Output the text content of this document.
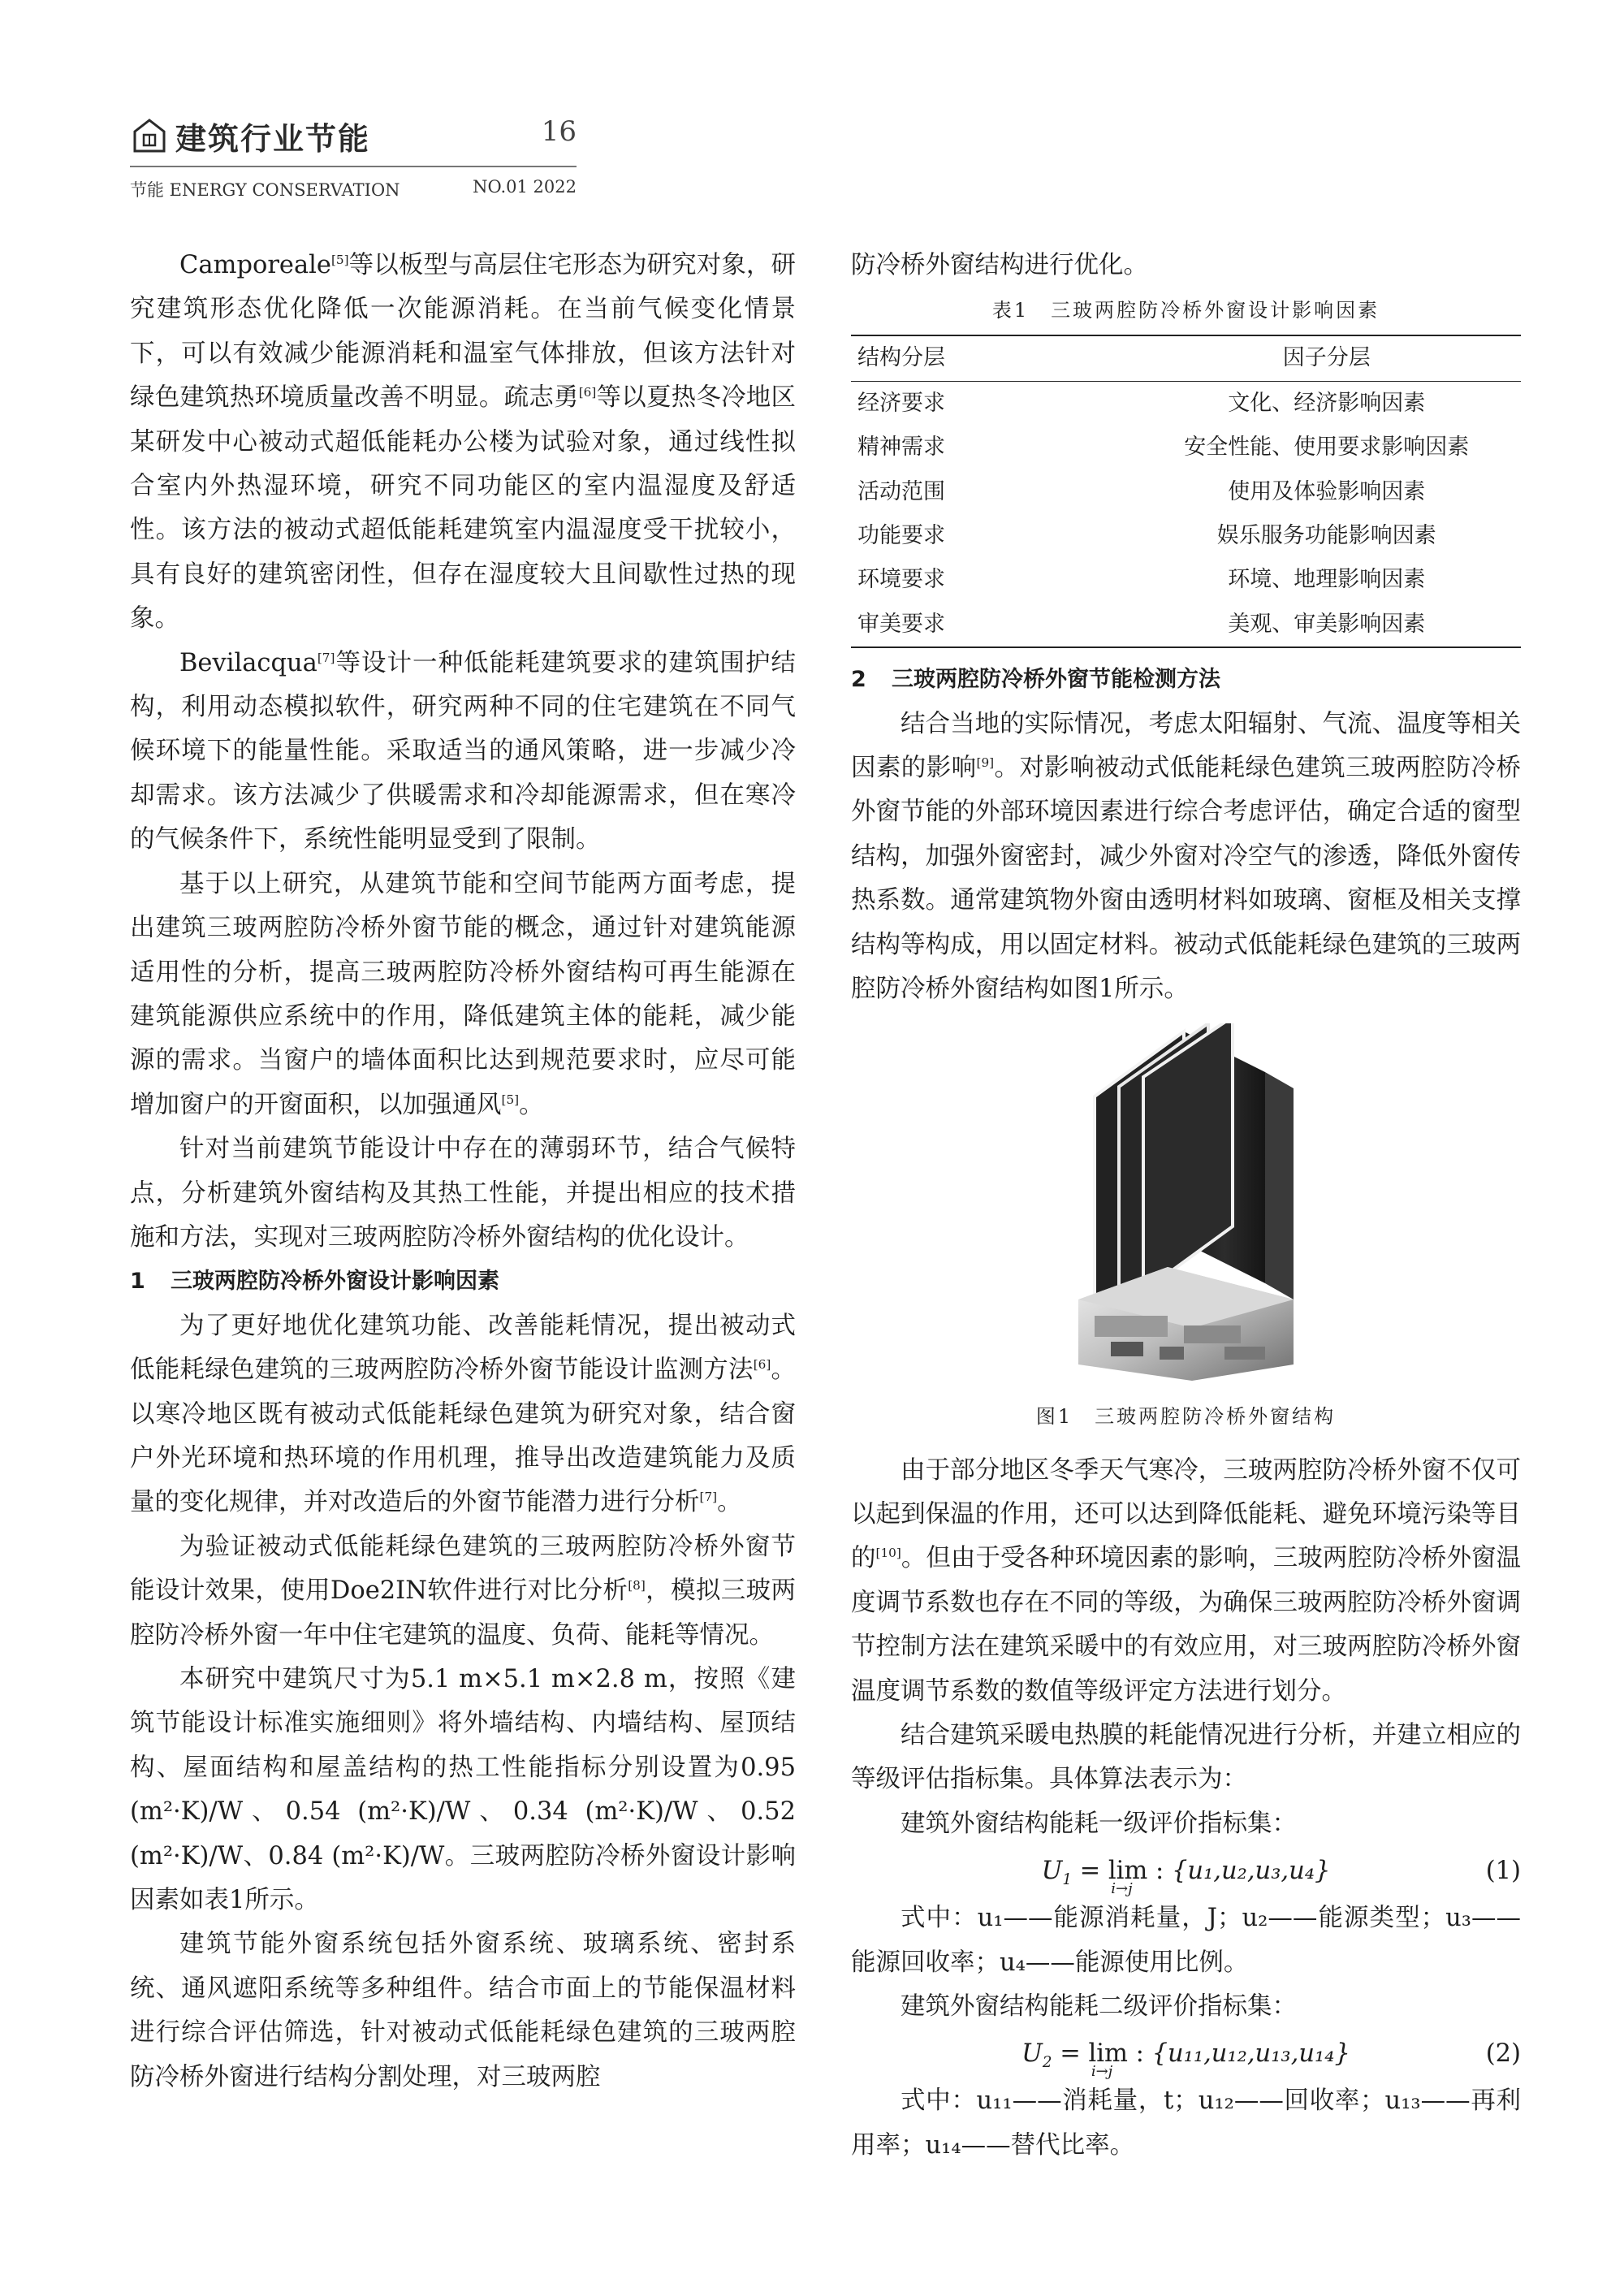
建筑行业节能	16
节能 ENERGY CONSERVATION	NO.01 2022

Camporeale[5]等以板型与高层住宅形态为研究对象，研究建筑形态优化降低一次能源消耗。在当前气候变化情景下，可以有效减少能源消耗和温室气体排放，但该方法针对绿色建筑热环境质量改善不明显。疏志勇[6]等以夏热冬冷地区某研发中心被动式超低能耗办公楼为试验对象，通过线性拟合室内外热湿环境，研究不同功能区的室内温湿度及舒适性。该方法的被动式超低能耗建筑室内温湿度受干扰较小，具有良好的建筑密闭性，但存在湿度较大且间歇性过热的现象。

Bevilacqua[7]等设计一种低能耗建筑要求的建筑围护结构，利用动态模拟软件，研究两种不同的住宅建筑在不同气候环境下的能量性能。采取适当的通风策略，进一步减少冷却需求。该方法减少了供暖需求和冷却能源需求，但在寒冷的气候条件下，系统性能明显受到了限制。

基于以上研究，从建筑节能和空间节能两方面考虑，提出建筑三玻两腔防冷桥外窗节能的概念，通过针对建筑能源适用性的分析，提高三玻两腔防冷桥外窗结构可再生能源在建筑能源供应系统中的作用，降低建筑主体的能耗，减少能源的需求。当窗户的墙体面积比达到规范要求时，应尽可能增加窗户的开窗面积，以加强通风[5]。

针对当前建筑节能设计中存在的薄弱环节，结合气候特点，分析建筑外窗结构及其热工性能，并提出相应的技术措施和方法，实现对三玻两腔防冷桥外窗结构的优化设计。

1 三玻两腔防冷桥外窗设计影响因素

为了更好地优化建筑功能、改善能耗情况，提出被动式低能耗绿色建筑的三玻两腔防冷桥外窗节能设计监测方法[6]。以寒冷地区既有被动式低能耗绿色建筑为研究对象，结合窗户外光环境和热环境的作用机理，推导出改造建筑能力及质量的变化规律，并对改造后的外窗节能潜力进行分析[7]。

为验证被动式低能耗绿色建筑的三玻两腔防冷桥外窗节能设计效果，使用Doe2IN软件进行对比分析[8]，模拟三玻两腔防冷桥外窗一年中住宅建筑的温度、负荷、能耗等情况。

本研究中建筑尺寸为5.1 m×5.1 m×2.8 m，按照《建筑节能设计标准实施细则》将外墙结构、内墙结构、屋顶结构、屋面结构和屋盖结构的热工性能指标分别设置为0.95 (m²·K)/W、0.54 (m²·K)/W、0.34 (m²·K)/W、0.52 (m²·K)/W、0.84 (m²·K)/W。三玻两腔防冷桥外窗设计影响因素如表1所示。

建筑节能外窗系统包括外窗系统、玻璃系统、密封系统、通风遮阳系统等多种组件。结合市面上的节能保温材料进行综合评估筛选，针对被动式低能耗绿色建筑的三玻两腔防冷桥外窗进行结构分割处理，对三玻两腔

防冷桥外窗结构进行优化。

表1　三玻两腔防冷桥外窗设计影响因素
结构分层	因子分层
经济要求	文化、经济影响因素
精神需求	安全性能、使用要求影响因素
活动范围	使用及体验影响因素
功能要求	娱乐服务功能影响因素
环境要求	环境、地理影响因素
审美要求	美观、审美影响因素
2 三玻两腔防冷桥外窗节能检测方法

结合当地的实际情况，考虑太阳辐射、气流、温度等相关因素的影响[9]。对影响被动式低能耗绿色建筑三玻两腔防冷桥外窗节能的外部环境因素进行综合考虑评估，确定合适的窗型结构，加强外窗密封，减少外窗对冷空气的渗透，降低外窗传热系数。通常建筑物外窗由透明材料如玻璃、窗框及相关支撑结构等构成，用以固定材料。被动式低能耗绿色建筑的三玻两腔防冷桥外窗结构如图1所示。

图1　三玻两腔防冷桥外窗结构

由于部分地区冬季天气寒冷，三玻两腔防冷桥外窗不仅可以起到保温的作用，还可以达到降低能耗、避免环境污染等目的[10]。但由于受各种环境因素的影响，三玻两腔防冷桥外窗温度调节系数也存在不同的等级，为确保三玻两腔防冷桥外窗调节控制方法在建筑采暖中的有效应用，对三玻两腔防冷桥外窗温度调节系数的数值等级评定方法进行划分。

结合建筑采暖电热膜的耗能情况进行分析，并建立相应的等级评估指标集。具体算法表示为：

建筑外窗结构能耗一级评价指标集：

$U_1 = \lim$ :
i→j
{u₁,u₂,u₃,u₄}	(1)

式中：u₁——能源消耗量，J；u₂——能源类型；u₃——能源回收率；u₄——能源使用比例。

建筑外窗结构能耗二级评价指标集：

$U_2 = \lim$ :
i→j
{u₁₁,u₁₂,u₁₃,u₁₄}	(2)

式中：u₁₁——消耗量，t；u₁₂——回收率；u₁₃——再利用率；u₁₄——替代比率。
